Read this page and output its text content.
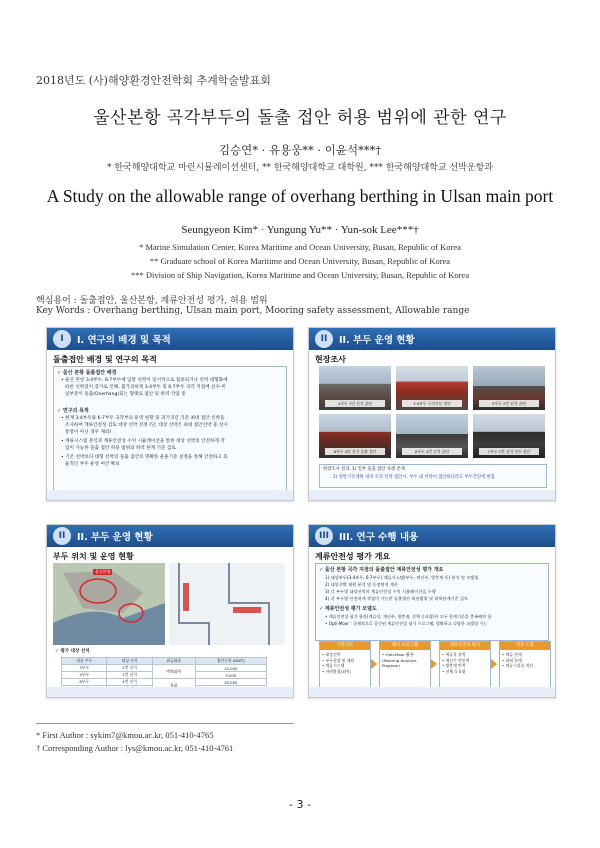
2018년도 (사)해양환경안전학회 추계학술발표회
울산본항 곡각부두의 돌출 접안 허용 범위에 관한 연구
김승연* · 유용웅** · 이윤석***†
* 한국해양대학교 마린시뮬레이션센터, ** 한국해양대학교 대학원, *** 한국해양대학교 선박운항과
A Study on the allowable range of overhang berthing in Ulsan main port
Seungyeon Kim* · Yungung Yu** · Yun-sok Lee***†
* Marine Simulation Center, Korea Maritime and Ocean University, Busan, Republic of Korea
** Graduate school of Korea Maritime and Ocean University, Busan, Republic of Korea
*** Division of Ship Navigation, Korea Maritime and Ocean University, Busan, Republic of Korea
핵심용어 : 돌출접안, 울산본항, 계류안전성 평가, 허용 범위
Key Words : Overhang berthing, Ulsan main port, Mooring safety assessment, Allowable range
I	I. 연구의 배경 및 목적
돌출접안 배경 및 연구의 목적
✓ 울산 본항 돌출접안 배경
• 울산 본항 3·4부두, 6·7부두에 입항 선박이 일시적으로 집중되거나 선박 대형화에
따른 선박길이 증가로 인해, 불가피하게 3·4부두 및 6·7부두 곡각 지점에 선수·미
일부분이 돌출(Overhang)되는 형태로 접안 및 하역 작업 중
✓ 연구의 목적
• 현재 3·4부두와 6·7부두 곡각부의 운영 현황 및 과거 5년 기준 최대 접안 선박을
조사하여 계류안전성 검토 대상 선박 선정 (단, 대상 선박은 최대 접안선박 중 상시
통항이 아닌 경우 제외)
• 계류시스템 분석과 계류안전성 수치 시뮬레이션을 통한 대상 선박의 안전하게 작
업이 가능한 돌출 접안 허용 범위와 하역 한계 기준 검토
• 기존 선박보다 대형 선박의 돌출 접안의 명확한 운용기준 설정을 통해 안전하고 효
율적인 부두 운영 여건 확보
II	II. 부두 운영 현황
현장조사
4부두 1번 선석 끝단	3·4부두 곡각부분 접안	3부두 2번 선석 끝단
6부두 4번 선석 돌출 접안	6부두 4번 선석 끝단	7부두 1번 선석 부두 접안
현장조사 결과, 1) 일부 돌출 접안 사례 존재
2) 정반기본계획 대비 조과 선박 접안시, 부두 내 선박이 접안하더라도 부두끝단에 한함
II	II. 부두 운영 현황
부두 위치 및 운영 현황
울산본항
✓ 평가 대상 선석
대상 부두	대상 선석	취급화물	접안능력 (DWT)
3부두	2번 선석	액체화학	10,000
4부두	1번 선석		5,000
6부두	4번 선석	잡화	30,000

III	III. 연구 수행 내용
계류안전성 평가 개요
✓ 울산 본항 곡각 지점의 돌출접안 계류안전성 평가 개요
1) 대상부두(3·4부두, 6·7부두) 계류시스템(부두, 계선주, 방충재 등) 분석 및 모델링
2) 대상선박 제원 분석 및 동정면적 계산
3) 각 부두별 대상선박의 계류안전성 수치 시뮬레이션을 수행
4) 각 부두별 안전하게 작업이 가능한 돌출접안 허용범위 및 하역한계기준 검토
✓ 계류안전성 평가 모델도
• 계류안전성 평가 항목(계류삭, 계선주, 방충재, 선체 동요량)이 모두 한계기준을 충족해야 함
• Opti-Moor : 국제적으로 공인된 계류안전성 평가 프로그램, 정확하고 다양한 모델링 가능
기본자료
• 대상선박
• 부두형상 및 제원
• 계류시스템
• 자연환경(외력)
해석 프로그램
• Opti-Moor 활용
(Mooring Analysis
Program)
계류안전성 평가
• 계류삭 장력
• 계선주 견인력
• 방충재 반력
• 선체 동요량
결론 도출
• 계류 한계
• 하역 한계
• 계류시설물 개선
* First Author : sykim7@kmou.ac.kr, 051-410-4765
† Corresponding Author : lys@kmou.ac.kr, 051-410-4761
- 3 -
